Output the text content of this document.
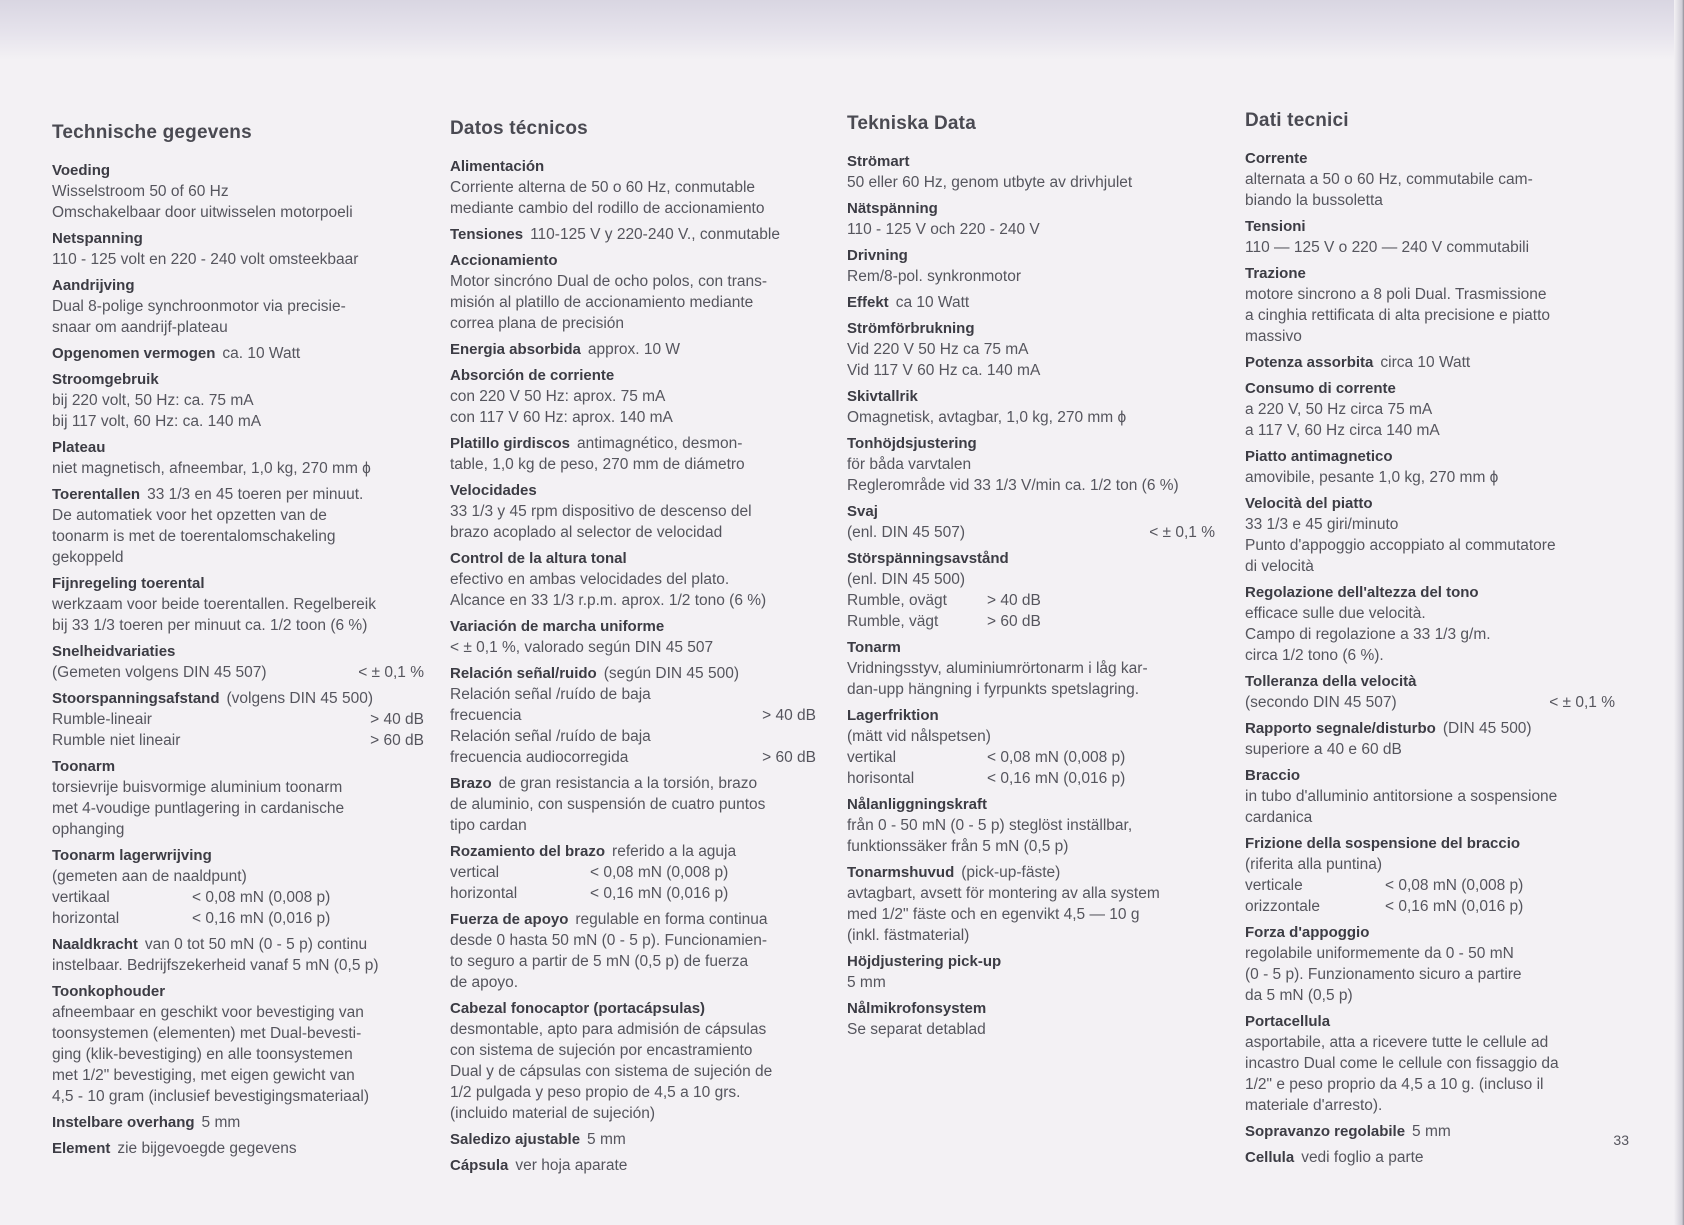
Technische gegevens
Voeding
Wisselstroom 50 of 60 Hz
Omschakelbaar door uitwisselen motorpoeli
Netspanning
110 - 125 volt en 220 - 240 volt omsteekbaar
Aandrijving
Dual 8-polige synchroonmotor via precisie-
snaar om aandrijf-plateau
Opgenomen vermogen ca. 10 Watt
Stroomgebruik
bij 220 volt, 50 Hz: ca. 75 mA
bij 117 volt, 60 Hz: ca. 140 mA
Plateau
niet magnetisch, afneembar, 1,0 kg, 270 mm ϕ
Toerentallen 33 1/3 en 45 toeren per minuut.
De automatiek voor het opzetten van de
toonarm is met de toerentalomschakeling
gekoppeld
Fijnregeling toerental
werkzaam voor beide toerentallen. Regelbereik
bij 33 1/3 toeren per minuut ca. 1/2 toon (6 %)
Snelheidvariaties
(Gemeten volgens DIN 45 507)	< ± 0,1 %
Stoorspanningsafstand (volgens DIN 45 500)
Rumble-lineair	> 40 dB
Rumble niet lineair	> 60 dB
Toonarm
torsievrije buisvormige aluminium toonarm
met 4-voudige puntlagering in cardanische
ophanging
Toonarm lagerwrijving
(gemeten aan de naaldpunt)
vertikaal	< 0,08 mN (0,008 p)
horizontal	< 0,16 mN (0,016 p)
Naaldkracht van 0 tot 50 mN (0 - 5 p) continu
instelbaar. Bedrijfszekerheid vanaf 5 mN (0,5 p)
Toonkophouder
afneembaar en geschikt voor bevestiging van
toonsystemen (elementen) met Dual-bevesti-
ging (klik-bevestiging) en alle toonsystemen
met 1/2" bevestiging, met eigen gewicht van
4,5 - 10 gram (inclusief bevestigingsmateriaal)
Instelbare overhang 5 mm
Element zie bijgevoegde gegevens
Datos técnicos
Alimentación
Corriente alterna de 50 o 60 Hz, conmutable
mediante cambio del rodillo de accionamiento
Tensiones 110-125 V y 220-240 V., conmutable
Accionamiento
Motor sincróno Dual de ocho polos, con trans-
misión al platillo de accionamiento mediante
correa plana de precisión
Energia absorbida approx. 10 W
Absorción de corriente
con 220 V 50 Hz: aprox. 75 mA
con 117 V 60 Hz: aprox. 140 mA
Platillo girdiscos antimagnético, desmon-
table, 1,0 kg de peso, 270 mm de diámetro
Velocidades
33 1/3 y 45 rpm dispositivo de descenso del
brazo acoplado al selector de velocidad
Control de la altura tonal
efectivo en ambas velocidades del plato.
Alcance en 33 1/3 r.p.m. aprox. 1/2 tono (6 %)
Variación de marcha uniforme
< ± 0,1 %, valorado según DIN 45 507
Relación señal/ruido (según DIN 45 500)
Relación señal /ruído de baja
frecuencia	> 40 dB
Relación señal /ruído de baja
frecuencia audiocorregida	> 60 dB
Brazo de gran resistancia a la torsión, brazo
de aluminio, con suspensión de cuatro puntos
tipo cardan
Rozamiento del brazo referido a la aguja
vertical	< 0,08 mN (0,008 p)
horizontal	< 0,16 mN (0,016 p)
Fuerza de apoyo regulable en forma continua
desde 0 hasta 50 mN (0 - 5 p). Funcionamien-
to seguro a partir de 5 mN (0,5 p) de fuerza
de apoyo.
Cabezal fonocaptor (portacápsulas)
desmontable, apto para admisión de cápsulas
con sistema de sujeción por encastramiento
Dual y de cápsulas con sistema de sujeción de
1/2 pulgada y peso propio de 4,5 a 10 grs.
(incluido material de sujeción)
Saledizo ajustable 5 mm
Cápsula ver hoja aparate
Tekniska Data
Strömart
50 eller 60 Hz, genom utbyte av drivhjulet
Nätspänning
110 - 125 V och 220 - 240 V
Drivning
Rem/8-pol. synkronmotor
Effekt ca 10 Watt
Strömförbrukning
Vid 220 V 50 Hz ca 75 mA
Vid 117 V 60 Hz ca. 140 mA
Skivtallrik
Omagnetisk, avtagbar, 1,0 kg, 270 mm ϕ
Tonhöjdsjustering
för båda varvtalen
Reglerområde vid 33 1/3 V/min ca. 1/2 ton (6 %)
Svaj
(enl. DIN 45 507)	< ± 0,1 %
Störspänningsavstånd
(enl. DIN 45 500)
Rumble, ovägt	> 40 dB
Rumble, vägt	> 60 dB
Tonarm
Vridningsstyv, aluminiumrörtonarm i låg kar-
dan-upp hängning i fyrpunkts spetslagring.
Lagerfriktion
(mätt vid nålspetsen)
vertikal	< 0,08 mN (0,008 p)
horisontal	< 0,16 mN (0,016 p)
Nålanliggningskraft
från 0 - 50 mN (0 - 5 p) steglöst inställbar,
funktionssäker från 5 mN (0,5 p)
Tonarmshuvud (pick-up-fäste)
avtagbart, avsett för montering av alla system
med 1/2" fäste och en egenvikt 4,5 — 10 g
(inkl. fästmaterial)
Höjdjustering pick-up
5 mm
Nålmikrofonsystem
Se separat detablad
Dati tecnici
Corrente
alternata a 50 o 60 Hz, commutabile cam-
biando la bussoletta
Tensioni
110 — 125 V o 220 — 240 V commutabili
Trazione
motore sincrono a 8 poli Dual. Trasmissione
a cinghia rettificata di alta precisione e piatto
massivo
Potenza assorbita circa 10 Watt
Consumo di corrente
a 220 V, 50 Hz circa 75 mA
a 117 V, 60 Hz circa 140 mA
Piatto antimagnetico
amovibile, pesante 1,0 kg, 270 mm ϕ
Velocità del piatto
33 1/3 e 45 giri/minuto
Punto d'appoggio accoppiato al commutatore
di velocità
Regolazione dell'altezza del tono
efficace sulle due velocità.
Campo di regolazione a 33 1/3 g/m.
circa 1/2 tono (6 %).
Tolleranza della velocità
(secondo DIN 45 507)	< ± 0,1 %
Rapporto segnale/disturbo (DIN 45 500)
superiore a 40 e 60 dB
Braccio
in tubo d'alluminio antitorsione a sospensione
cardanica
Frizione della sospensione del braccio
(riferita alla puntina)
verticale	< 0,08 mN (0,008 p)
orizzontale	< 0,16 mN (0,016 p)
Forza d'appoggio
regolabile uniformemente da 0 - 50 mN
(0 - 5 p). Funzionamento sicuro a partire
da 5 mN (0,5 p)
Portacellula
asportabile, atta a ricevere tutte le cellule ad
incastro Dual come le cellule con fissaggio da
1/2" e peso proprio da 4,5 a 10 g. (incluso il
materiale d'arresto).
Sopravanzo regolabile 5 mm
Cellula vedi foglio a parte
33
